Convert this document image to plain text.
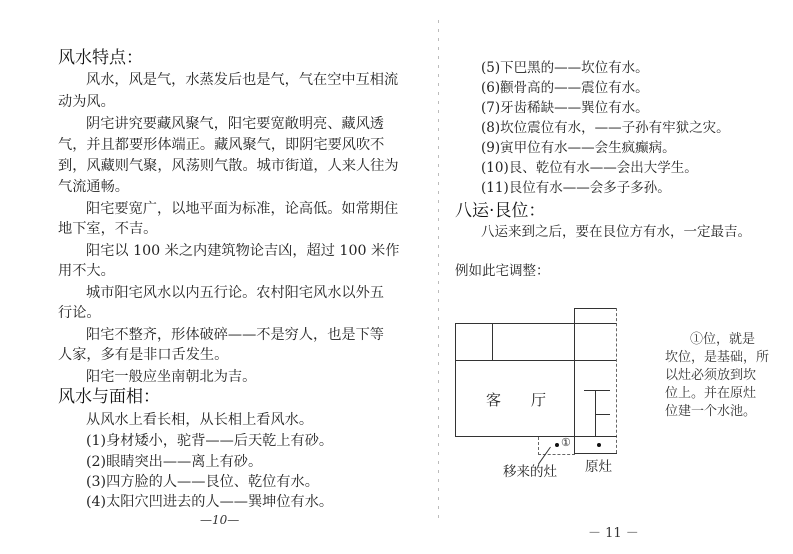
风水特点：
风水，风是气，水蒸发后也是气，气在空中互相流
动为风。
阴宅讲究要藏风聚气，阳宅要宽敞明亮、藏风透
气，并且都要形体端正。藏风聚气，即阴宅要风吹不
到，风藏则气聚，风荡则气散。城市街道，人来人往为
气流通畅。
阳宅要宽广，以地平面为标准，论高低。如常期住
地下室，不吉。
阳宅以 100 米之内建筑物论吉凶，超过 100 米作
用不大。
城市阳宅风水以内五行论。农村阳宅风水以外五
行论。
阳宅不整齐，形体破碎——不是穷人，也是下等
人家，多有是非口舌发生。
阳宅一般应坐南朝北为吉。
风水与面相：
从风水上看长相，从长相上看风水。
(1)身材矮小，驼背——后天乾上有砂。
(2)眼睛突出——离上有砂。
(3)四方脸的人——艮位、乾位有水。
(4)太阳穴凹进去的人——巽坤位有水。
—10—
(5)下巴黑的——坎位有水。
(6)颧骨高的——震位有水。
(7)牙齿稀缺——巽位有水。
(8)坎位震位有水，——子孙有牢狱之灾。
(9)寅甲位有水——会生疯癫病。
(10)艮、乾位有水——会出大学生。
(11)艮位有水——会多子多孙。
八运·艮位：
八运来到之后，要在艮位方有水，一定最吉。
例如此宅调整：
①
客　　厅
移来的灶 原灶
①位，就是
坎位，是基础，所
以灶必须放到坎
位上。并在原灶
位建一个水池。
－ 11 －
